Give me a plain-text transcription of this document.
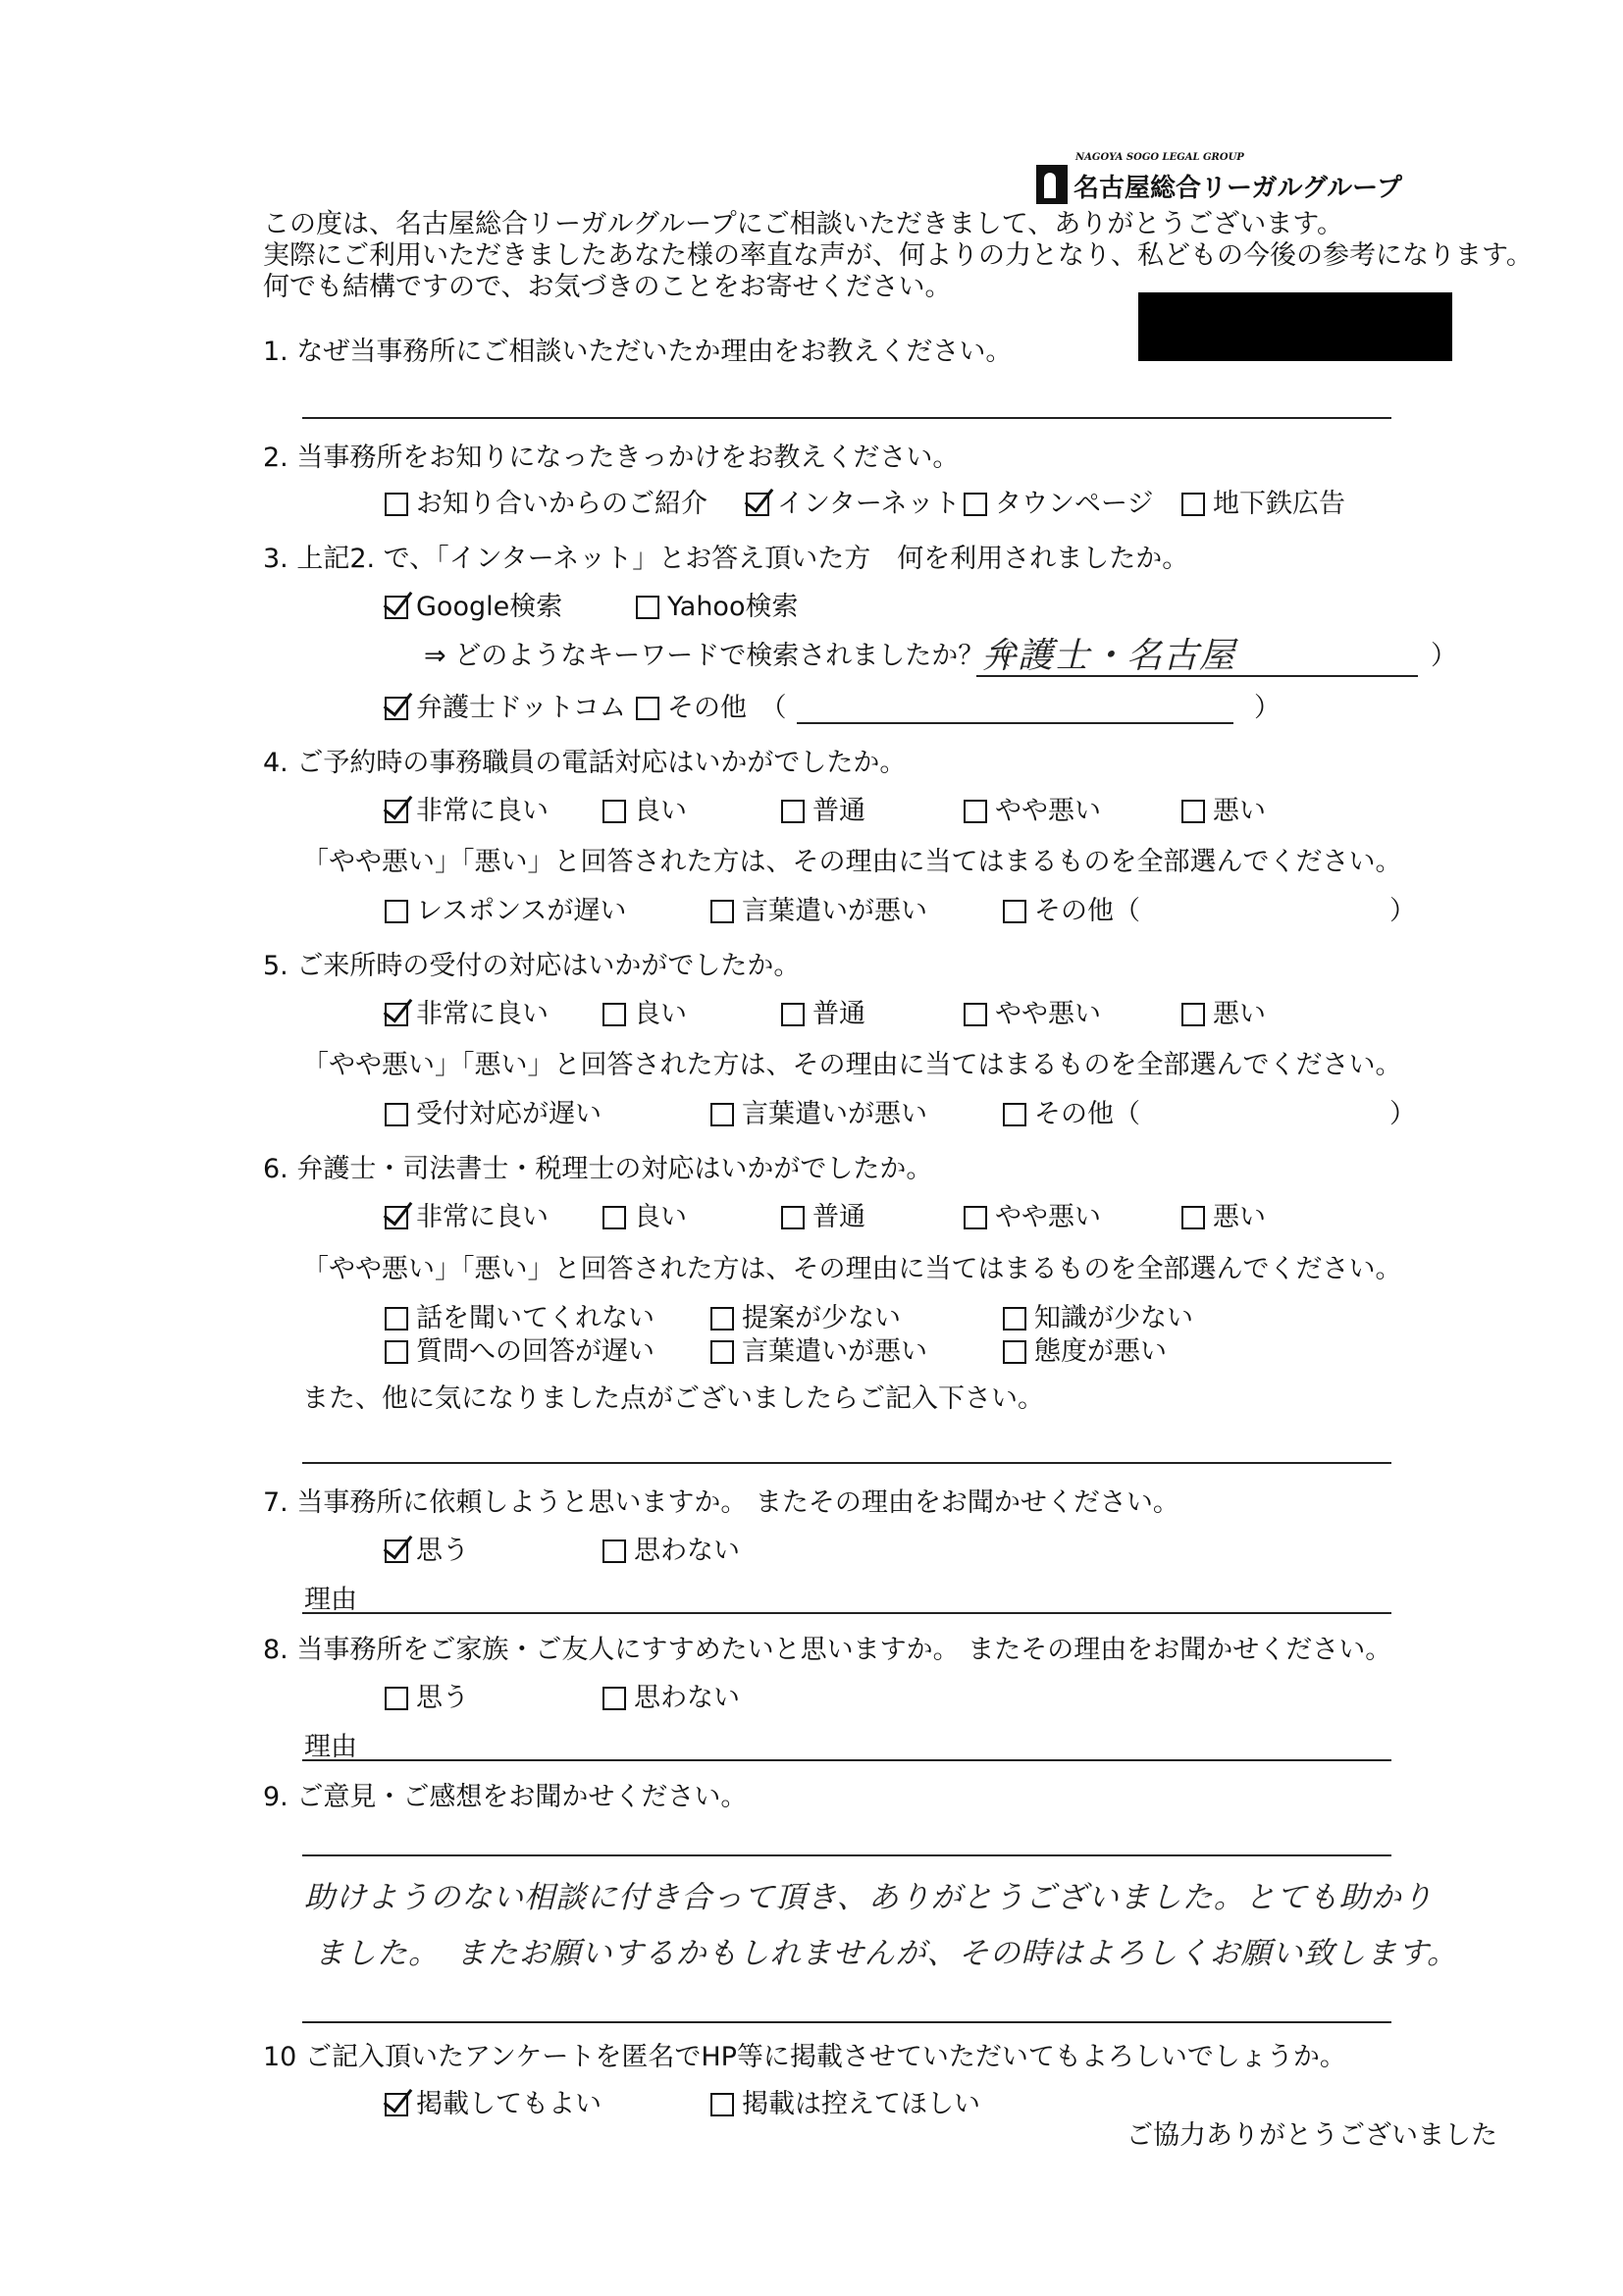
NAGOYA SOGO LEGAL GROUP
名古屋総合リーガルグループ
この度は、名古屋総合リーガルグループにご相談いただきまして、ありがとうございます。
実際にご利用いただきましたあなた様の率直な声が、何よりの力となり、私どもの今後の参考になります。
何でも結構ですので、お気づきのことをお寄せください。
1. なぜ当事務所にご相談いただいたか理由をお教えください。
2. 当事務所をお知りになったきっかけをお教えください。
お知り合いからのご紹介	インターネット タウンページ 地下鉄広告
3. 上記2. で、「インターネット」とお答え頂いた方　何を利用されましたか。
Google検索	Yahoo検索
⇒ どのようなキーワードで検索されましたか？（
弁護士・名古屋	）
弁護士ドットコム その他　（	）
4. ご予約時の事務職員の電話対応はいかがでしたか。
非常に良い	良い	普通	やや悪い	悪い
「やや悪い」「悪い」と回答された方は、その理由に当てはまるものを全部選んでください。
レスポンスが遅い	言葉遣いが悪い	その他（	）
5. ご来所時の受付の対応はいかがでしたか。
非常に良い	良い	普通	やや悪い	悪い
「やや悪い」「悪い」と回答された方は、その理由に当てはまるものを全部選んでください。
受付対応が遅い	言葉遣いが悪い	その他（	）
6. 弁護士・司法書士・税理士の対応はいかがでしたか。
非常に良い	良い	普通	やや悪い	悪い
「やや悪い」「悪い」と回答された方は、その理由に当てはまるものを全部選んでください。
話を聞いてくれない	提案が少ない	知識が少ない
質問への回答が遅い	言葉遣いが悪い	態度が悪い
また、他に気になりました点がございましたらご記入下さい。
7. 当事務所に依頼しようと思いますか。 またその理由をお聞かせください。
思う	思わない
理由
8. 当事務所をご家族・ご友人にすすめたいと思いますか。 またその理由をお聞かせください。
思う	思わない
理由
9. ご意見・ご感想をお聞かせください。
助けようのない相談に付き合って頂き、ありがとうございました。とても助かり
ました。　またお願いするかもしれませんが、その時はよろしくお願い致します。
10 ご記入頂いたアンケートを匿名でHP等に掲載させていただいてもよろしいでしょうか。
掲載してもよい	掲載は控えてほしい
ご協力ありがとうございました
